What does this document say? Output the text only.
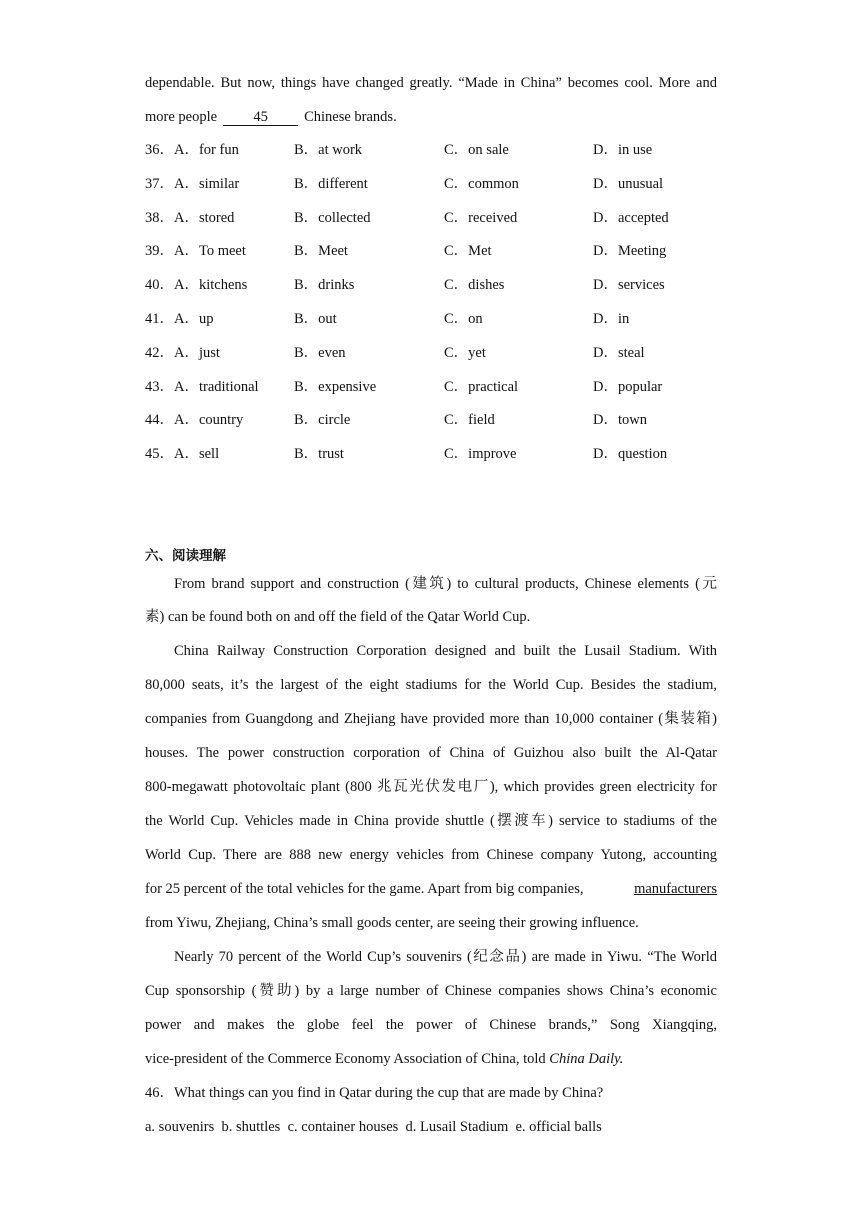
dependable. But now, things have changed greatly. “Made in China” becomes cool. More and
more people	45	Chinese brands.
36．A．for fun	B．at work	C．on sale	D．in use
37．A．similar	B．different	C．common	D．unusual
38．A．stored	B．collected	C．received	D．accepted
39．A．To meet	B．Meet	C．Met	D．Meeting
40．A．kitchens	B．drinks	C．dishes	D．services
41．A．up	B．out	C．on	D．in
42．A．just	B．even	C．yet	D．steal
43．A．traditional B．expensive	C．practical	D．popular
44．A．country	B．circle	C．field	D．town
45．A．sell	B．trust	C．improve	D．question
六、阅读理解
From brand support and construction (建筑) to cultural products, Chinese elements (元
素) can be found both on and off the field of the Qatar World Cup.
China Railway Construction Corporation designed and built the Lusail Stadium. With
80,000 seats, it’s the largest of the eight stadiums for the World Cup. Besides the stadium,
companies from Guangdong and Zhejiang have provided more than 10,000 container (集装箱)
houses. The power construction corporation of China of Guizhou also built the Al-Qatar
800-megawatt photovoltaic plant (800 兆瓦光伏发电厂), which provides green electricity for
the World Cup. Vehicles made in China provide shuttle (摆渡车) service to stadiums of the
World Cup. There are 888 new energy vehicles from Chinese company Yutong, accounting
for 25 percent of the total vehicles for the game. Apart from big companies,	manufacturers
from Yiwu, Zhejiang, China’s small goods center, are seeing their growing influence.
Nearly 70 percent of the World Cup’s souvenirs (纪念品) are made in Yiwu. “The World
Cup sponsorship (赞助) by a large number of Chinese companies shows China’s economic
power and makes the globe feel the power of Chinese brands,” Song Xiangqing,
vice-president of the Commerce Economy Association of China, told China Daily.
46．What things can you find in Qatar during the cup that are made by China?
a. souvenirs  b. shuttles  c. container houses  d. Lusail Stadium  e. official balls
